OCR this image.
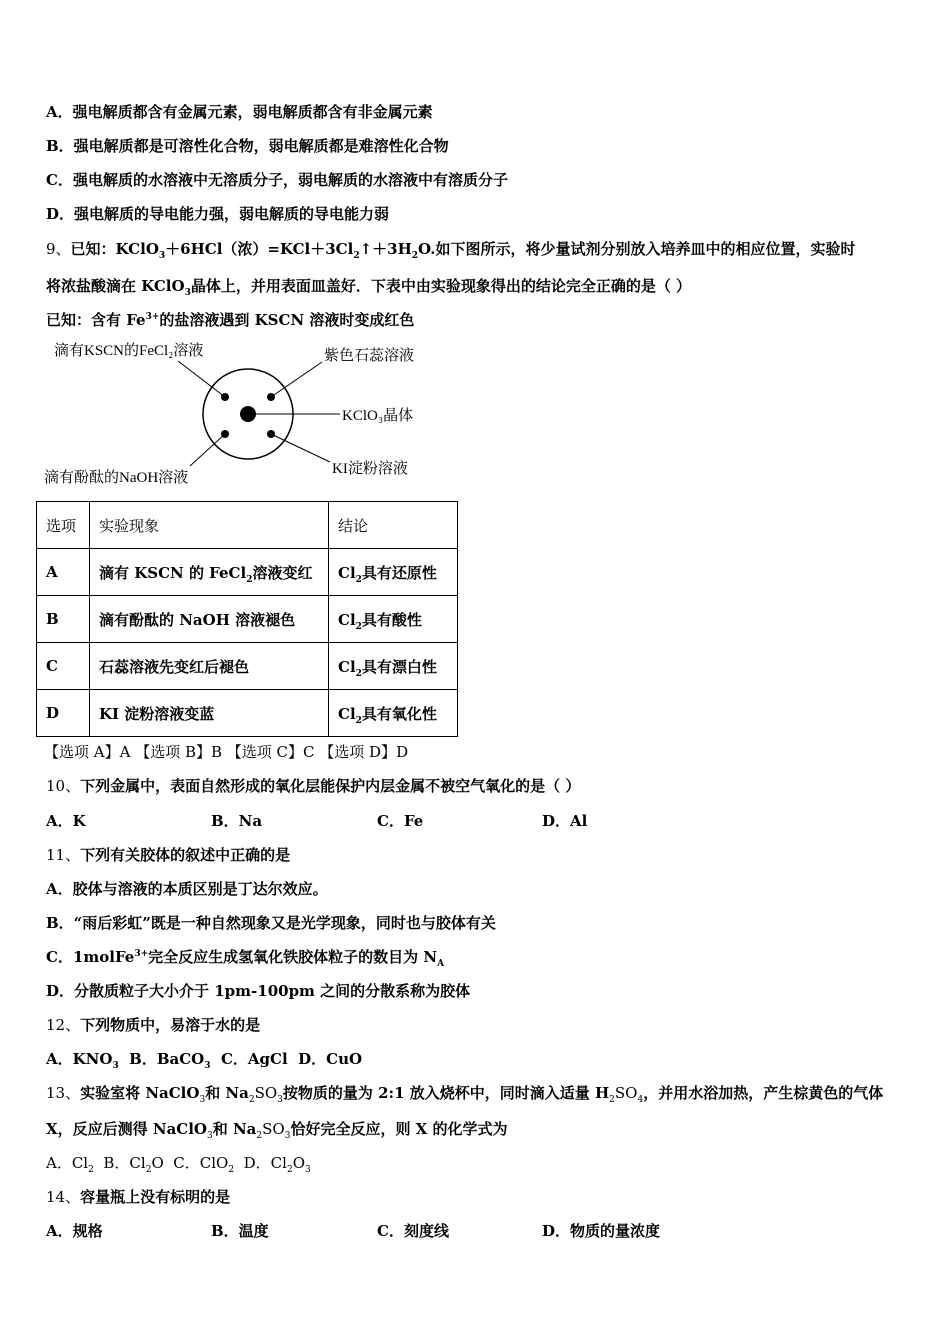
A．强电解质都含有金属元素，弱电解质都含有非金属元素
B．强电解质都是可溶性化合物，弱电解质都是难溶性化合物
C．强电解质的水溶液中无溶质分子，弱电解质的水溶液中有溶质分子
D．强电解质的导电能力强，弱电解质的导电能力弱
9、已知：KClO$_3$＋6HCl（浓）$=KCl+3Cl_2↑+3H_2O$.如下图所示，将少量试剂分别放入培养皿中的相应位置，实验时
将浓盐酸滴在 KClO$_3$晶体上，并用表面皿盖好．下表中由实验现象得出的结论完全正确的是（ ）
已知：含有 $Fe^{3+}$的盐溶液遇到 KSCN 溶液时变成红色
滴有KSCN的FeCl₂溶液	紫色石蕊溶液
KClO₃晶体
KI淀粉溶液
滴有酚酞的NaOH溶液
选项	实验现象	结论
A	滴有 KSCN 的 FeCl$_2$溶液变红	$Cl_2$具有还原性
B	滴有酚酞的 NaOH 溶液褪色	$Cl_2$具有酸性
C	石蕊溶液先变红后褪色	$Cl_2$具有漂白性
D	KI 淀粉溶液变蓝	$Cl_2$具有氧化性
【选项 A】A 【选项 B】B 【选项 C】C 【选项 D】D
10、下列金属中，表面自然形成的氧化层能保护内层金属不被空气氧化的是（ ）
A．K	B．Na	C．Fe	D．Al
11、下列有关胶体的叙述中正确的是
A．胶体与溶液的本质区别是丁达尔效应。
B．“雨后彩虹”既是一种自然现象又是光学现象，同时也与胶体有关
C．1molFe$^{3+}$完全反应生成氢氧化铁胶体粒子的数目为 $N_A$
D．分散质粒子大小介于 1pm-100pm 之间的分散系称为胶体
12、下列物质中，易溶于水的是
A．$KNO_3$ B．BaCO$_3$ C．AgCl D．CuO
13、实验室将 NaClO$_3$和 $Na_2SO_3$按物质的量为 2:1 放入烧杯中，同时滴入适量 $H_2SO_4$，并用水浴加热，产生棕黄色的气体
X，反应后测得 NaClO$_3$和 $Na_2SO_3$恰好完全反应，则 X 的化学式为
A．$Cl_2$ B．$Cl_2O$ C．ClO$_2$ D．$Cl_2O_3$
14、容量瓶上没有标明的是
A．规格	B．温度	C．刻度线	D．物质的量浓度
